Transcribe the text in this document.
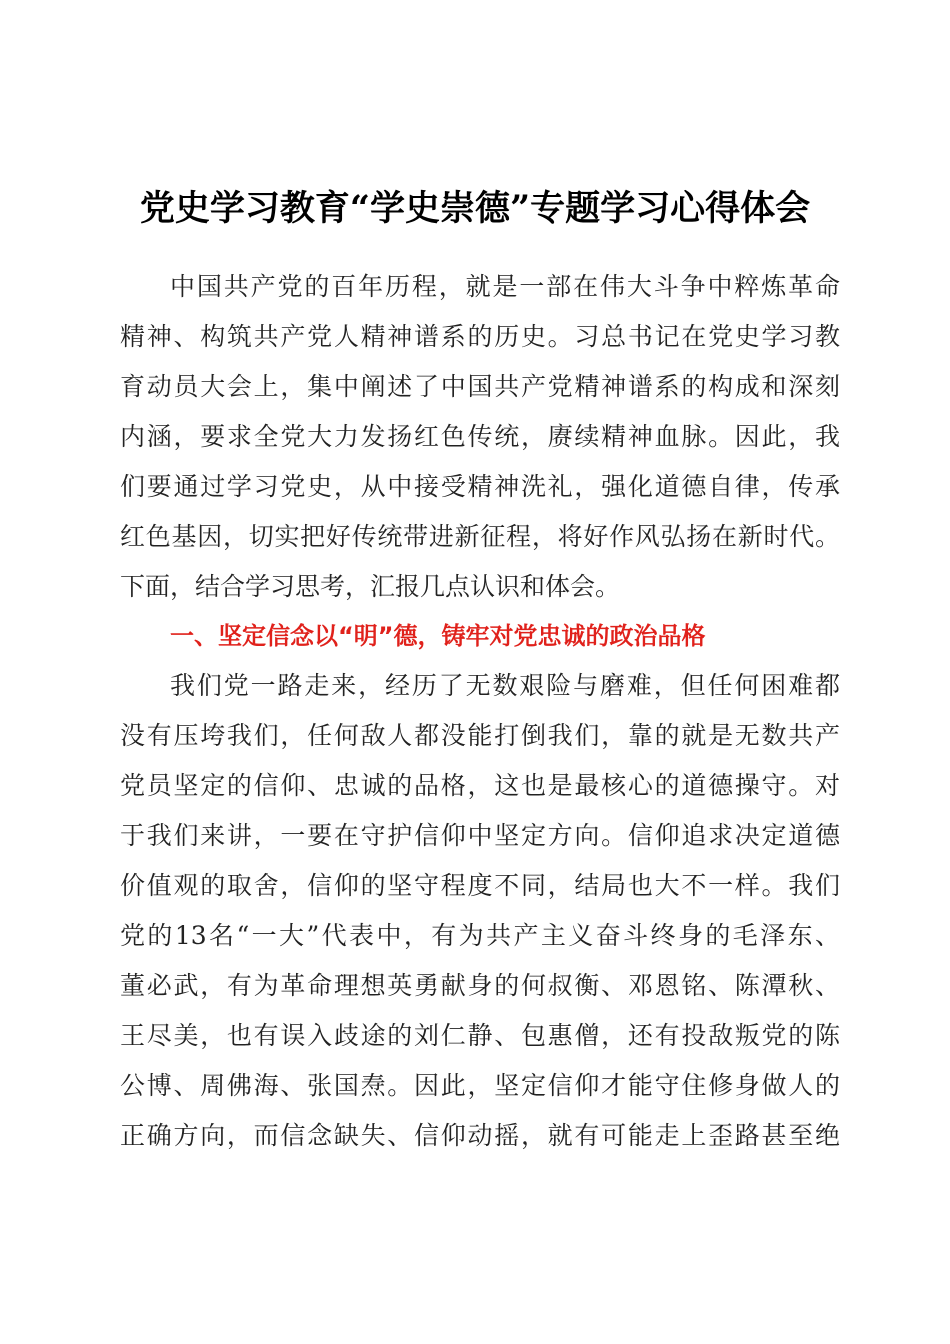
党史学习教育“学史崇德”专题学习心得体会
中国共产党的百年历程，就是一部在伟大斗争中粹炼革命
精神、构筑共产党人精神谱系的历史。习总书记在党史学习教
育动员大会上，集中阐述了中国共产党精神谱系的构成和深刻
内涵，要求全党大力发扬红色传统，赓续精神血脉。因此，我
们要通过学习党史，从中接受精神洗礼，强化道德自律，传承
红色基因，切实把好传统带进新征程，将好作风弘扬在新时代。
下面，结合学习思考，汇报几点认识和体会。
一、坚定信念以“明”德，铸牢对党忠诚的政治品格
我们党一路走来，经历了无数艰险与磨难，但任何困难都
没有压垮我们，任何敌人都没能打倒我们，靠的就是无数共产
党员坚定的信仰、忠诚的品格，这也是最核心的道德操守。对
于我们来讲，一要在守护信仰中坚定方向。信仰追求决定道德
价值观的取舍，信仰的坚守程度不同，结局也大不一样。我们
党的13名“一大”代表中，有为共产主义奋斗终身的毛泽东、
董必武，有为革命理想英勇献身的何叔衡、邓恩铭、陈潭秋、
王尽美，也有误入歧途的刘仁静、包惠僧，还有投敌叛党的陈
公博、周佛海、张国焘。因此，坚定信仰才能守住修身做人的
正确方向，而信念缺失、信仰动摇，就有可能走上歪路甚至绝
